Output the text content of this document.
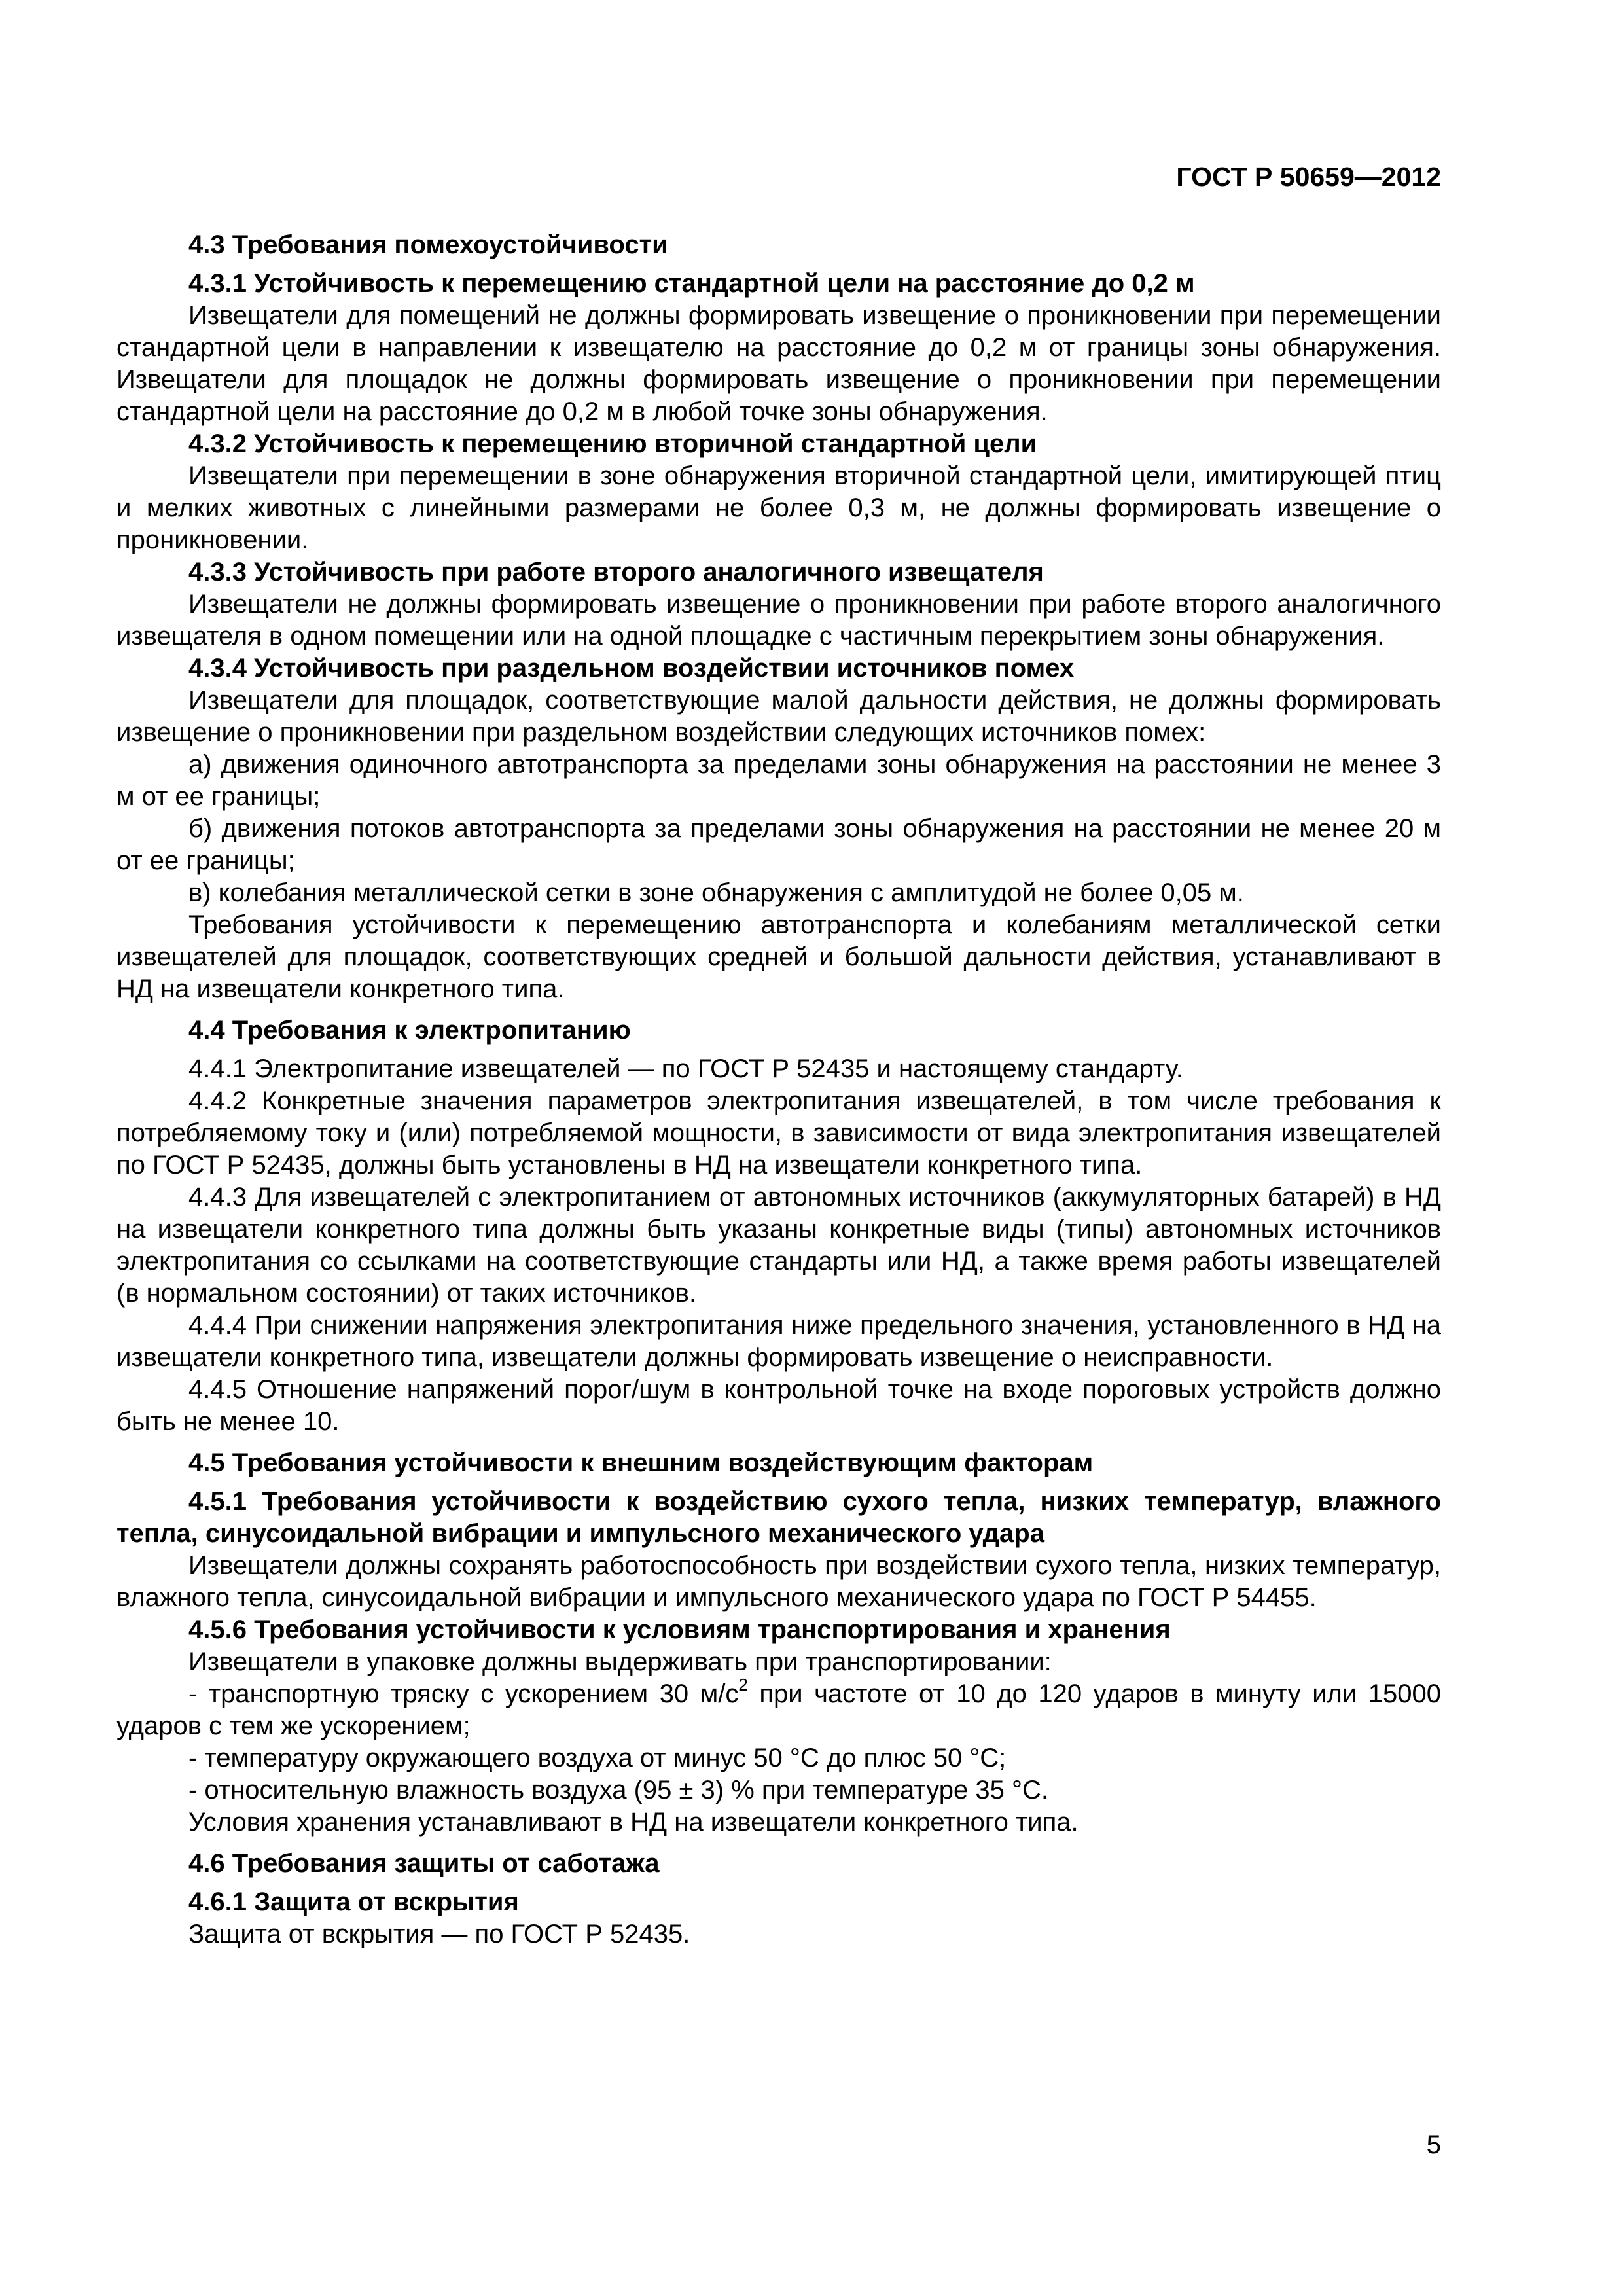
ГОСТ Р 50659—2012

4.3 Требования помехоустойчивости

4.3.1 Устойчивость к перемещению стандартной цели на расстояние до 0,2 м

Извещатели для помещений не должны формировать извещение о проникновении при перемещении стандартной цели в направлении к извещателю на расстояние до 0,2 м от границы зоны обнаружения. Извещатели для площадок не должны формировать извещение о проникновении при перемещении стандартной цели на расстояние до 0,2 м в любой точке зоны обнаружения.

4.3.2 Устойчивость к перемещению вторичной стандартной цели

Извещатели при перемещении в зоне обнаружения вторичной стандартной цели, имитирующей птиц и мелких животных с линейными размерами не более 0,3 м, не должны формировать извещение о проникновении.

4.3.3 Устойчивость при работе второго аналогичного извещателя

Извещатели не должны формировать извещение о проникновении при работе второго аналогичного извещателя в одном помещении или на одной площадке с частичным перекрытием зоны обнаружения.

4.3.4 Устойчивость при раздельном воздействии источников помех

Извещатели для площадок, соответствующие малой дальности действия, не должны формировать извещение о проникновении при раздельном воздействии следующих источников помех:

а) движения одиночного автотранспорта за пределами зоны обнаружения на расстоянии не менее 3 м от ее границы;

б) движения потоков автотранспорта за пределами зоны обнаружения на расстоянии не менее 20 м от ее границы;

в) колебания металлической сетки в зоне обнаружения с амплитудой не более 0,05 м.

Требования устойчивости к перемещению автотранспорта и колебаниям металлической сетки извещателей для площадок, соответствующих средней и большой дальности действия, устанавливают в НД на извещатели конкретного типа.

4.4 Требования к электропитанию

4.4.1 Электропитание извещателей — по ГОСТ Р 52435 и настоящему стандарту.

4.4.2 Конкретные значения параметров электропитания извещателей, в том числе требования к потребляемому току и (или) потребляемой мощности, в зависимости от вида электропитания извещателей по ГОСТ Р 52435, должны быть установлены в НД на извещатели конкретного типа.

4.4.3 Для извещателей с электропитанием от автономных источников (аккумуляторных батарей) в НД на извещатели конкретного типа должны быть указаны конкретные виды (типы) автономных источников электропитания со ссылками на соответствующие стандарты или НД, а также время работы извещателей (в нормальном состоянии) от таких источников.

4.4.4 При снижении напряжения электропитания ниже предельного значения, установленного в НД на извещатели конкретного типа, извещатели должны формировать извещение о неисправности.

4.4.5 Отношение напряжений порог/шум в контрольной точке на входе пороговых устройств должно быть не менее 10.

4.5 Требования устойчивости к внешним воздействующим факторам

4.5.1 Требования устойчивости к воздействию сухого тепла, низких температур, влажного тепла, синусоидальной вибрации и импульсного механического удара

Извещатели должны сохранять работоспособность при воздействии сухого тепла, низких температур, влажного тепла, синусоидальной вибрации и импульсного механического удара по ГОСТ Р 54455.

4.5.6 Требования устойчивости к условиям транспортирования и хранения

Извещатели в упаковке должны выдерживать при транспортировании:

- транспортную тряску с ускорением 30 $м/с^2$ при частоте от 10 до 120 ударов в минуту или 15000 ударов с тем же ускорением;

- температуру окружающего воздуха от минус 50 °С до плюс 50 °С;

- относительную влажность воздуха (95 ± 3) % при температуре 35 °С.

Условия хранения устанавливают в НД на извещатели конкретного типа.

4.6 Требования защиты от саботажа

4.6.1 Защита от вскрытия

Защита от вскрытия — по ГОСТ Р 52435.

5
